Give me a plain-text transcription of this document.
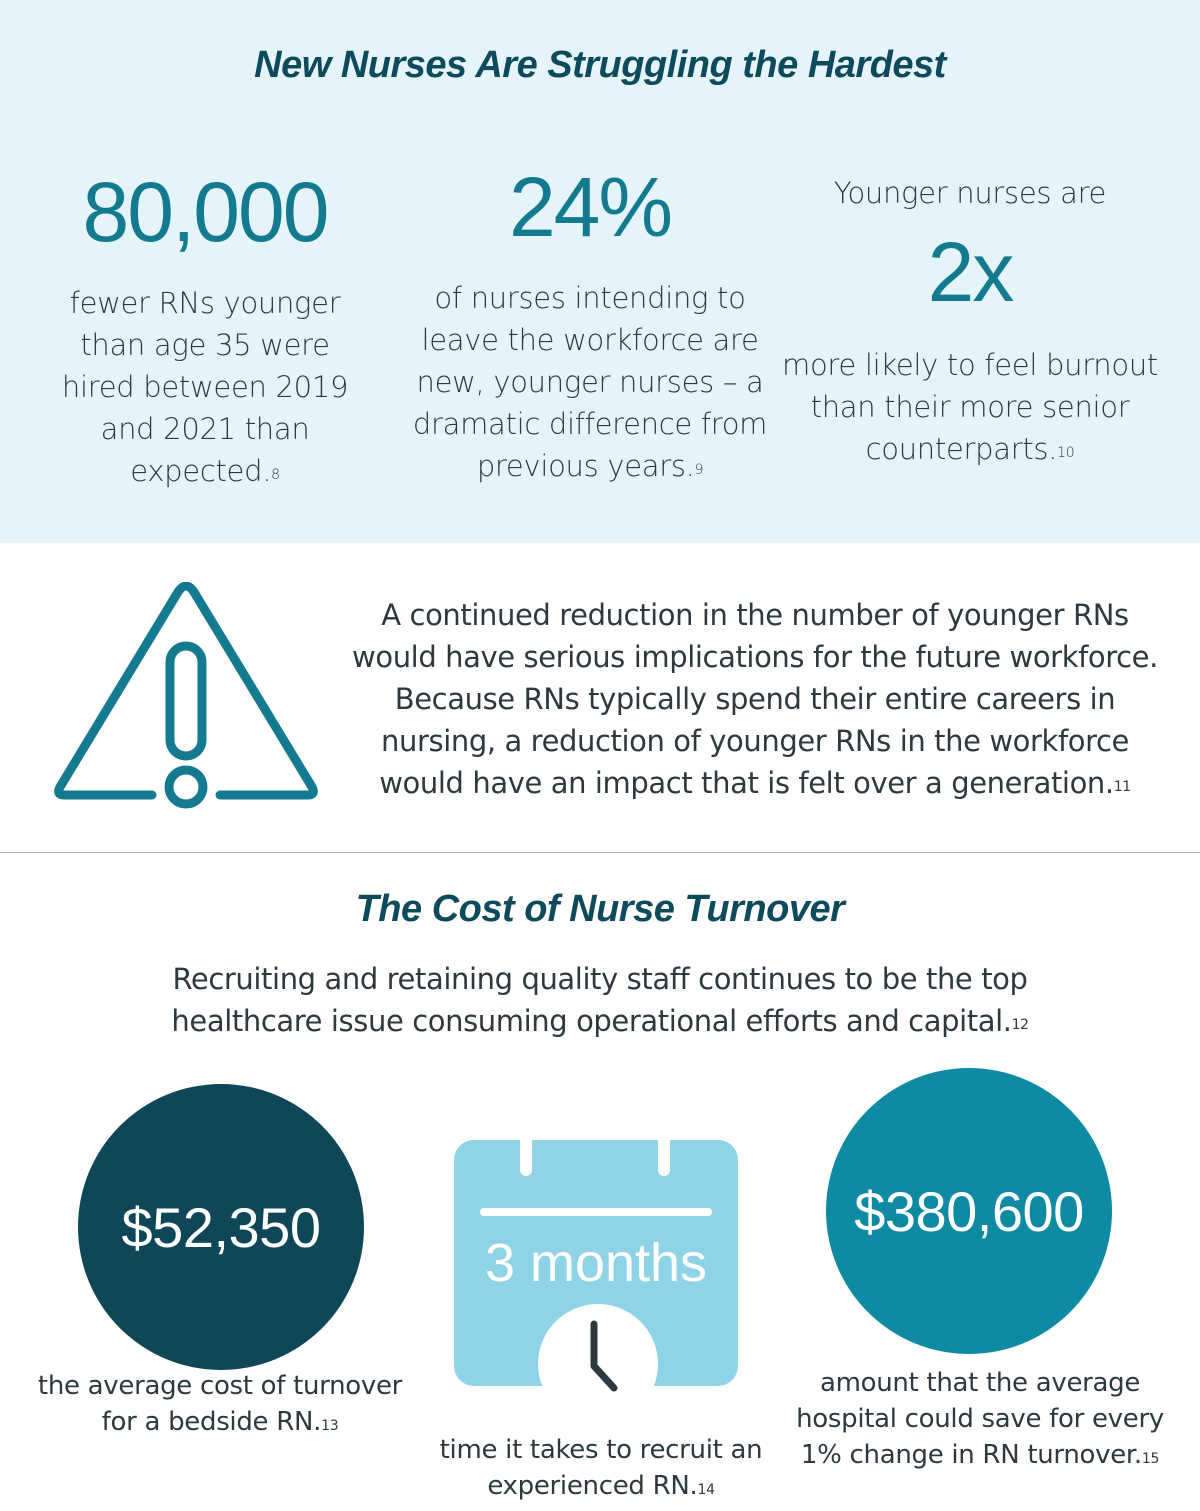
New Nurses Are Struggling the Hardest
80,000
fewer RNs younger than age 35 were hired between 2019 and 2021 than expected.$^8$
24%
of nurses intending to leave the workforce are new, younger nurses – a dramatic difference from previous years.$^9$
Younger nurses are
2x
more likely to feel burnout than their more senior counterparts.$^{10}$

A continued reduction in the number of younger RNs would have serious implications for the future workforce. Because RNs typically spend their entire careers in nursing, a reduction of younger RNs in the workforce would have an impact that is felt over a generation.$^{11}$

The Cost of Nurse Turnover

Recruiting and retaining quality staff continues to be the top healthcare issue consuming operational efforts and capital.$^{12}$

$52,350
3 months
$380,600

the average cost of turnover for a bedside RN.$^{13}$

time it takes to recruit an experienced RN.$^{14}$

amount that the average hospital could save for every 1% change in RN turnover.$^{15}$
